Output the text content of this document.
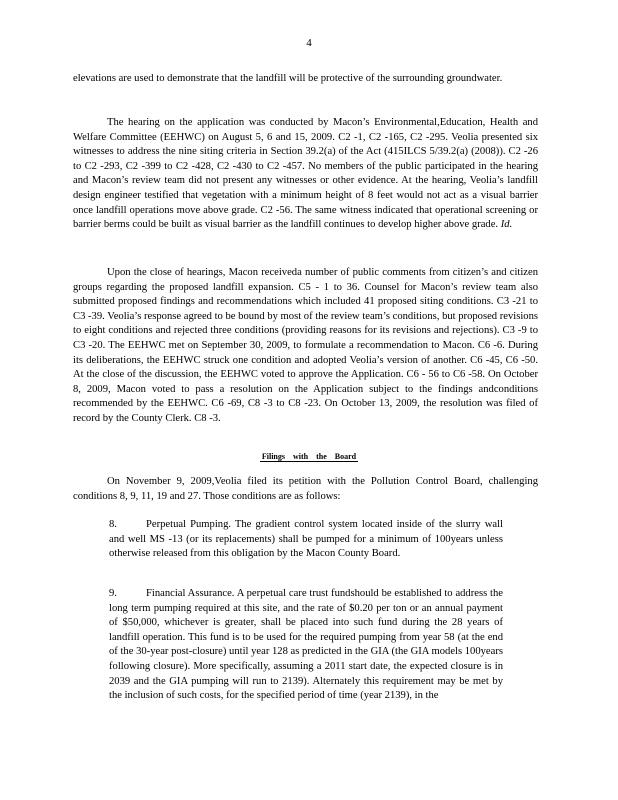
4

elevations are used to demonstrate that the landfill will be protective of the surrounding groundwater.

The hearing on the application was conducted by Macon’s Environmental,Education, Health and Welfare Committee (EEHWC) on August 5, 6 and 15, 2009. C2 -1, C2 -165, C2 -295. Veolia presented six witnesses to address the nine siting criteria in Section 39.2(a) of the Act (415ILCS 5/39.2(a) (2008)). C2 -26 to C2 -293, C2 -399 to C2 -428, C2 -430 to C2 -457. No members of the public participated in the hearing and Macon’s review team did not present any witnesses or other evidence. At the hearing, Veolia’s landfill design engineer testified that vegetation with a minimum height of 8 feet would not act as a visual barrier once landfill operations move above grade. C2 -56. The same witness indicated that operational screening or barrier berms could be built as visual barrier as the landfill continues to develop higher above grade. Id.

Upon the close of hearings, Macon receiveda number of public comments from citizen’s and citizen groups regarding the proposed landfill expansion. C5 - 1 to 36. Counsel for Macon’s review team also submitted proposed findings and recommendations which included 41 proposed siting conditions. C3 -21 to C3 -39. Veolia’s response agreed to be bound by most of the review team’s conditions, but proposed revisions to eight conditions and rejected three conditions (providing reasons for its revisions and rejections). C3 -9 to C3 -20. The EEHWC met on September 30, 2009, to formulate a recommendation to Macon. C6 -6. During its deliberations, the EEHWC struck one condition and adopted Veolia’s version of another. C6 -45, C6 -50. At the close of the discussion, the EEHWC voted to approve the Application. C6 - 56 to C6 -58. On October 8, 2009, Macon voted to pass a resolution on the Application subject to the findings andconditions recommended by the EEHWC. C6 -69, C8 -3 to C8 -23. On October 13, 2009, the resolution was filed of record by the County Clerk. C8 -3.

Filings with the Board

On November 9, 2009,Veolia filed its petition with the Pollution Control Board, challenging conditions 8, 9, 11, 19 and 27. Those conditions are as follows:

8.	Perpetual Pumping. The gradient control system located inside of the slurry wall and well MS -13 (or its replacements) shall be pumped for a minimum of 100years unless otherwise released from this obligation by the Macon County Board.

9.	Financial Assurance. A perpetual care trust fundshould be established to address the long term pumping required at this site, and the rate of $0.20 per ton or an annual payment of $50,000, whichever is greater, shall be placed into such fund during the 28 years of landfill operation. This fund is to be used for the required pumping from year 58 (at the end of the 30-year post-closure) until year 128 as predicted in the GIA (the GIA models 100years following closure). More specifically, assuming a 2011 start date, the expected closure is in 2039 and the GIA pumping will run to 2139). Alternately this requirement may be met by the inclusion of such costs, for the specified period of time (year 2139), in the
